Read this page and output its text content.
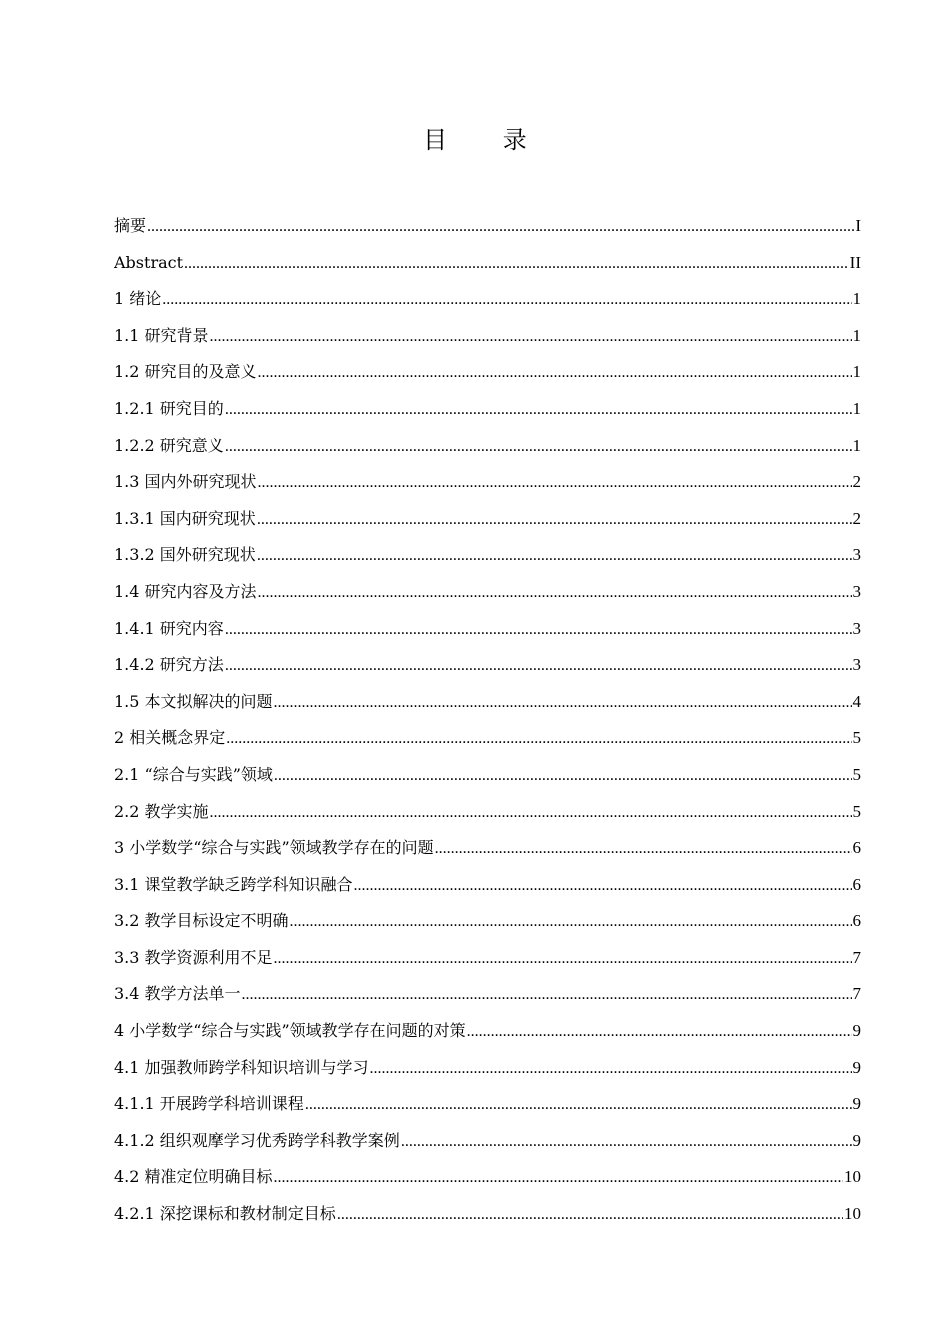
目 录
摘要 .....	I
Abstract .....	II
1 绪论 .....	1
1.1 研究背景 .....	1
1.2 研究目的及意义 .....	1
1.2.1 研究目的 .....	1
1.2.2 研究意义 .....	1
1.3 国内外研究现状 .....	2
1.3.1 国内研究现状 .....	2
1.3.2 国外研究现状 .....	3
1.4 研究内容及方法 .....	3
1.4.1 研究内容 .....	3
1.4.2 研究方法 .....	3
1.5 本文拟解决的问题 .....	4
2 相关概念界定 .....	5
2.1 “综合与实践”领域 .....	5
2.2 教学实施 .....	5
3 小学数学“综合与实践”领域教学存在的问题 .....	6
3.1 课堂教学缺乏跨学科知识融合 .....	6
3.2 教学目标设定不明确 .....	6
3.3 教学资源利用不足 .....	7
3.4 教学方法单一 .....	7
4 小学数学“综合与实践”领域教学存在问题的对策 .....	9
4.1 加强教师跨学科知识培训与学习 .....	9
4.1.1 开展跨学科培训课程 .....	9
4.1.2 组织观摩学习优秀跨学科教学案例 .....	9
4.2 精准定位明确目标 .....	10
4.2.1 深挖课标和教材制定目标 .....	10
